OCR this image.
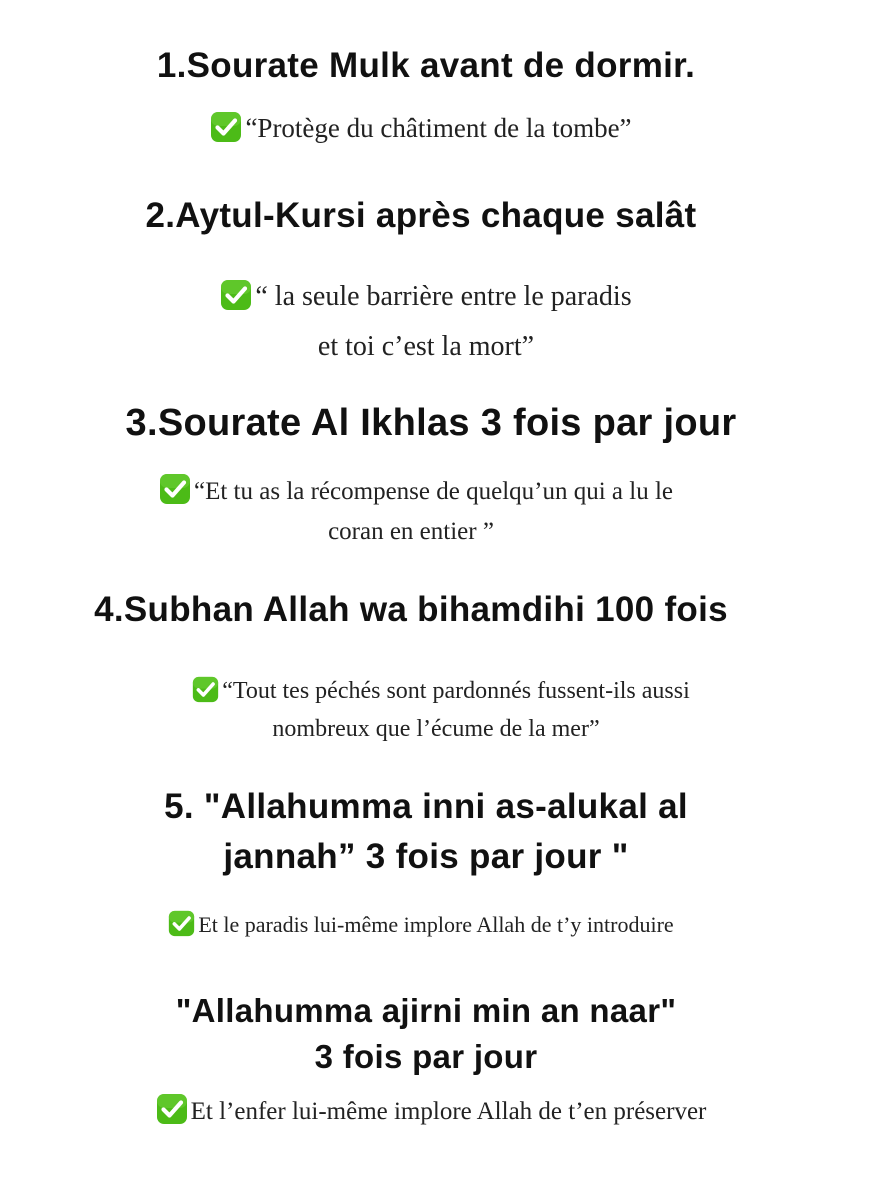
1.Sourate Mulk avant de dormir.
“Protège du châtiment de la tombe”
2.Aytul-Kursi après chaque salât
“ la seule barrière entre le paradis
et toi c’est la mort”
3.Sourate Al Ikhlas 3 fois par jour
“Et tu as la récompense de quelqu’un qui a lu le
coran en entier ”
4.Subhan Allah wa bihamdihi 100 fois
“Tout tes péchés sont pardonnés fussent-ils aussi
nombreux que l’écume de la mer”
5. "Allahumma inni as-alukal al
jannah” 3 fois par jour "
Et le paradis lui-même implore Allah de t’y introduire
"Allahumma ajirni min an naar"
3 fois par jour
Et l’enfer lui-même implore Allah de t’en préserver
